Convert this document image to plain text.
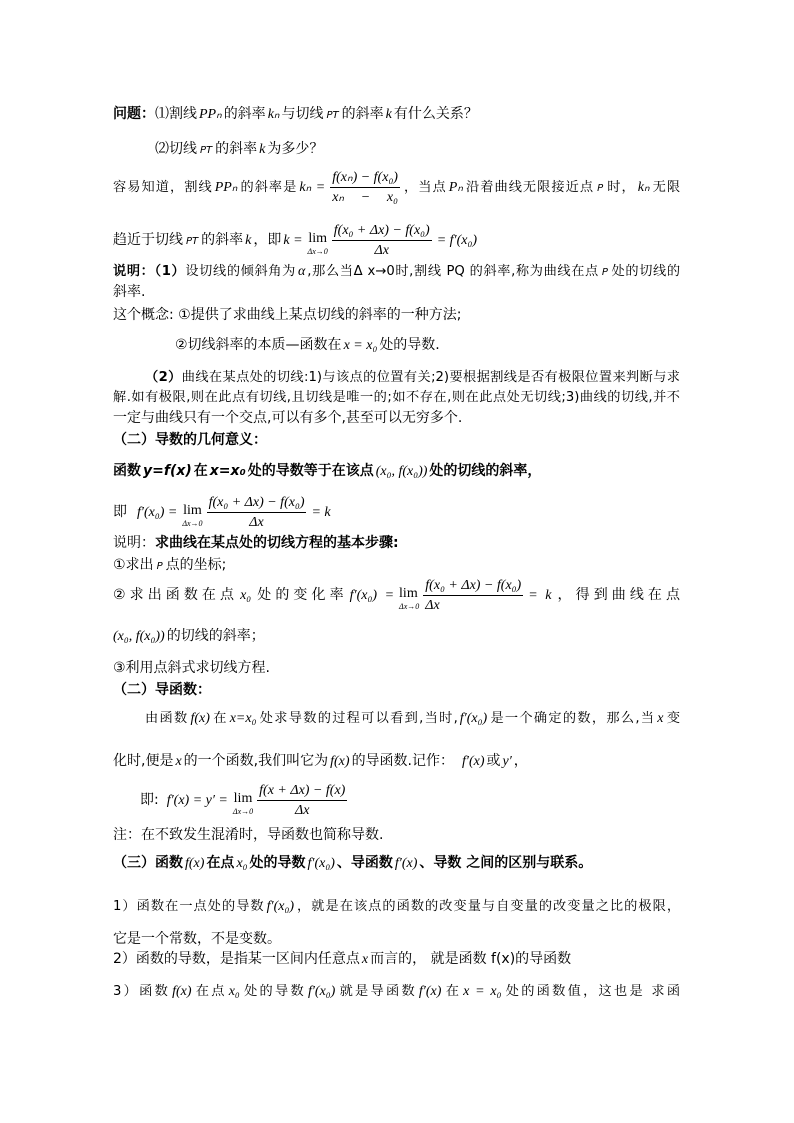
问题：⑴割线 PPₙ 的斜率 kₙ 与切线 PT 的斜率 k 有什么关系？
⑵切线 PT 的斜率 k 为多少？
容易知道，割线 PPₙ 的斜率是 $k_n = \frac{\text{f(xₙ) − f(x₀)}}{\text{xₙ − x₀}}$ ，当点 Pₙ 沿着曲线无限接近点 P 时， kₙ 无限
趋近于切线 PT 的斜率 k ，即 k = lim
$\Delta x\to 0 \frac{\text{f(x₀ + Δx) − f(x₀)}}{\Delta x} = f'(x_0)$
说明：（1）设切线的倾斜角为 α ,那么当Δ x→0时,割线 PQ 的斜率,称为曲线在点 P 处的切线的
斜率.
这个概念: ①提供了求曲线上某点切线的斜率的一种方法;
②切线斜率的本质—函数在 x = x₀ 处的导数.
（2）曲线在某点处的切线:1)与该点的位置有关;2)要根据割线是否有极限位置来判断与求
解.如有极限,则在此点有切线,且切线是唯一的;如不存在,则在此点处无切线;3)曲线的切线,并不
一定与曲线只有一个交点,可以有多个,甚至可以无穷多个.
（二）导数的几何意义：
函数 y=f(x) 在 x=x₀ 处的导数等于在该点 (x₀, f(x₀)) 处的切线的斜率，
即 f′(x₀) = lim
$\Delta x\to 0 \frac{\text{f(x₀ + Δx) − f(x₀)}}{\Delta x} = k$
说明：求曲线在某点处的切线方程的基本步骤:
①求出 P 点的坐标;
②求出函数在点 x₀ 处的变化率 f′(x₀) = lim
$\Delta x\to 0 \frac{\text{f(x₀ + Δx) − f(x₀)}}{\Delta x} = k$ ，得到曲线在点
(x₀, f(x₀)) 的切线的斜率；
③利用点斜式求切线方程.
（二）导函数：
由函数 f(x) 在 x=x₀ 处求导数的过程可以看到,当时, f′(x₀) 是一个确定的数，那么,当 x 变
化时,便是 x 的一个函数,我们叫它为 f(x) 的导函数.记作： f′(x) 或 y′ ，
即: f′(x) = y′ = lim
$\Delta x\to 0 \frac{f(x + \Delta x) - f(x)}{\Delta x}$
注：在不致发生混淆时，导函数也简称导数.
（三）函数 f(x) 在点 x₀ 处的导数 f′(x₀) 、导函数 f′(x) 、导数 之间的区别与联系。
1）函数在一点处的导数 f′(x₀) ，就是在该点的函数的改变量与自变量的改变量之比的极限，
它是一个常数，不是变数。
2）函数的导数，是指某一区间内任意点 x 而言的， 就是函数 f(x)的导函数
3）函数 f(x) 在点 x₀ 处的导数 f′(x₀) 就是导函数 f′(x) 在 x = x₀ 处的函数值，这也是 求函
